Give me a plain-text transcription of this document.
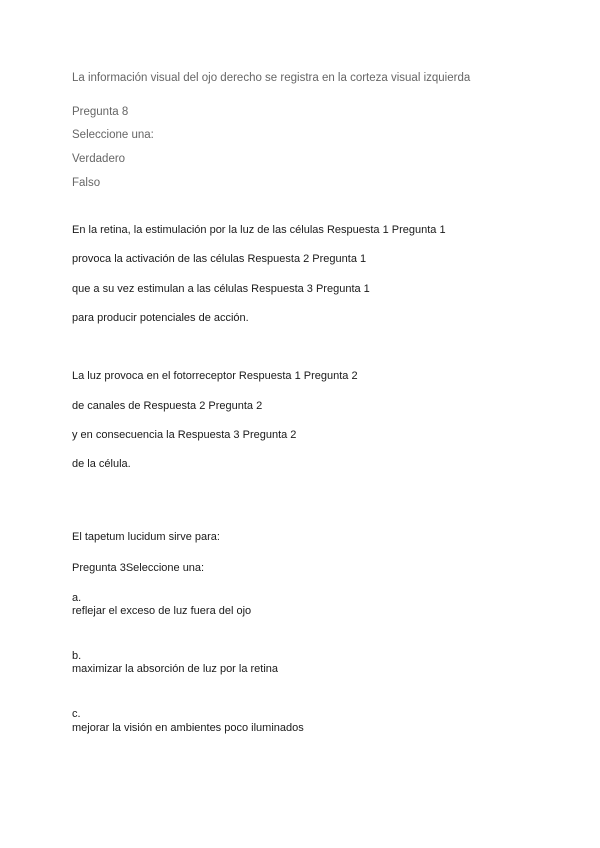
La información visual del ojo derecho se registra en la corteza visual izquierda

Pregunta 8

Seleccione una:

Verdadero

Falso

En la retina, la estimulación por la luz de las células Respuesta 1 Pregunta 1

provoca la activación de las células Respuesta 2 Pregunta 1

que a su vez estimulan a las células Respuesta 3 Pregunta 1

para producir potenciales de acción.

La luz provoca en el fotorreceptor Respuesta 1 Pregunta 2

de canales de Respuesta 2 Pregunta 2

y en consecuencia la Respuesta 3 Pregunta 2

de la célula.

El tapetum lucidum sirve para:

Pregunta 3Seleccione una:

a.

reflejar el exceso de luz fuera del ojo

b.

maximizar la absorción de luz por la retina

c.

mejorar la visión en ambientes poco iluminados
